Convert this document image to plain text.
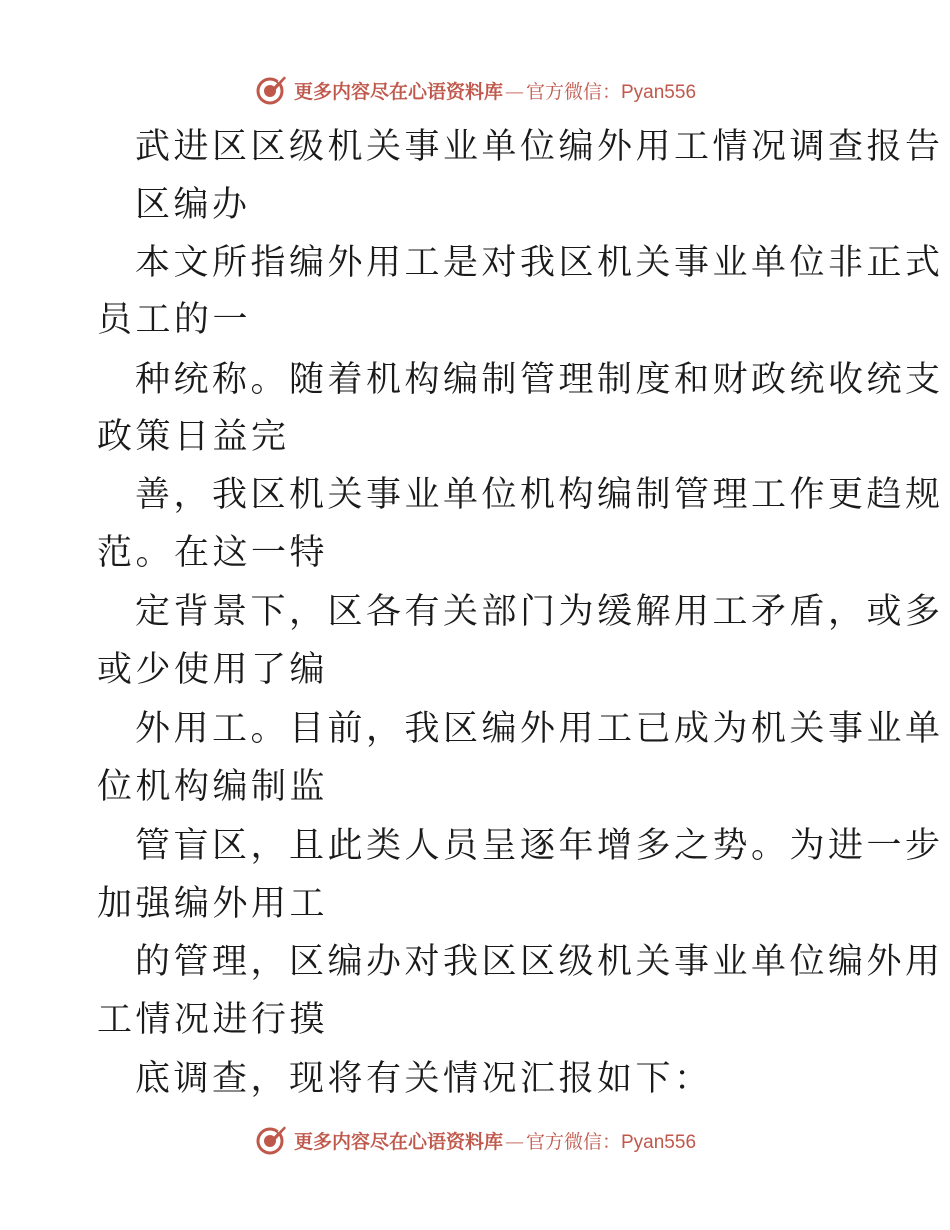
更多内容尽在心语资料库 — 官方微信： Pyan556
武进区区级机关事业单位编外用工情况调查报告
区编办
本文所指编外用工是对我区机关事业单位非正式
员工的一
种统称。随着机构编制管理制度和财政统收统支
政策日益完
善，我区机关事业单位机构编制管理工作更趋规
范。在这一特
定背景下，区各有关部门为缓解用工矛盾，或多
或少使用了编
外用工。目前，我区编外用工已成为机关事业单
位机构编制监
管盲区，且此类人员呈逐年增多之势。为进一步
加强编外用工
的管理，区编办对我区区级机关事业单位编外用
工情况进行摸
底调查，现将有关情况汇报如下：
更多内容尽在心语资料库 — 官方微信： Pyan556
